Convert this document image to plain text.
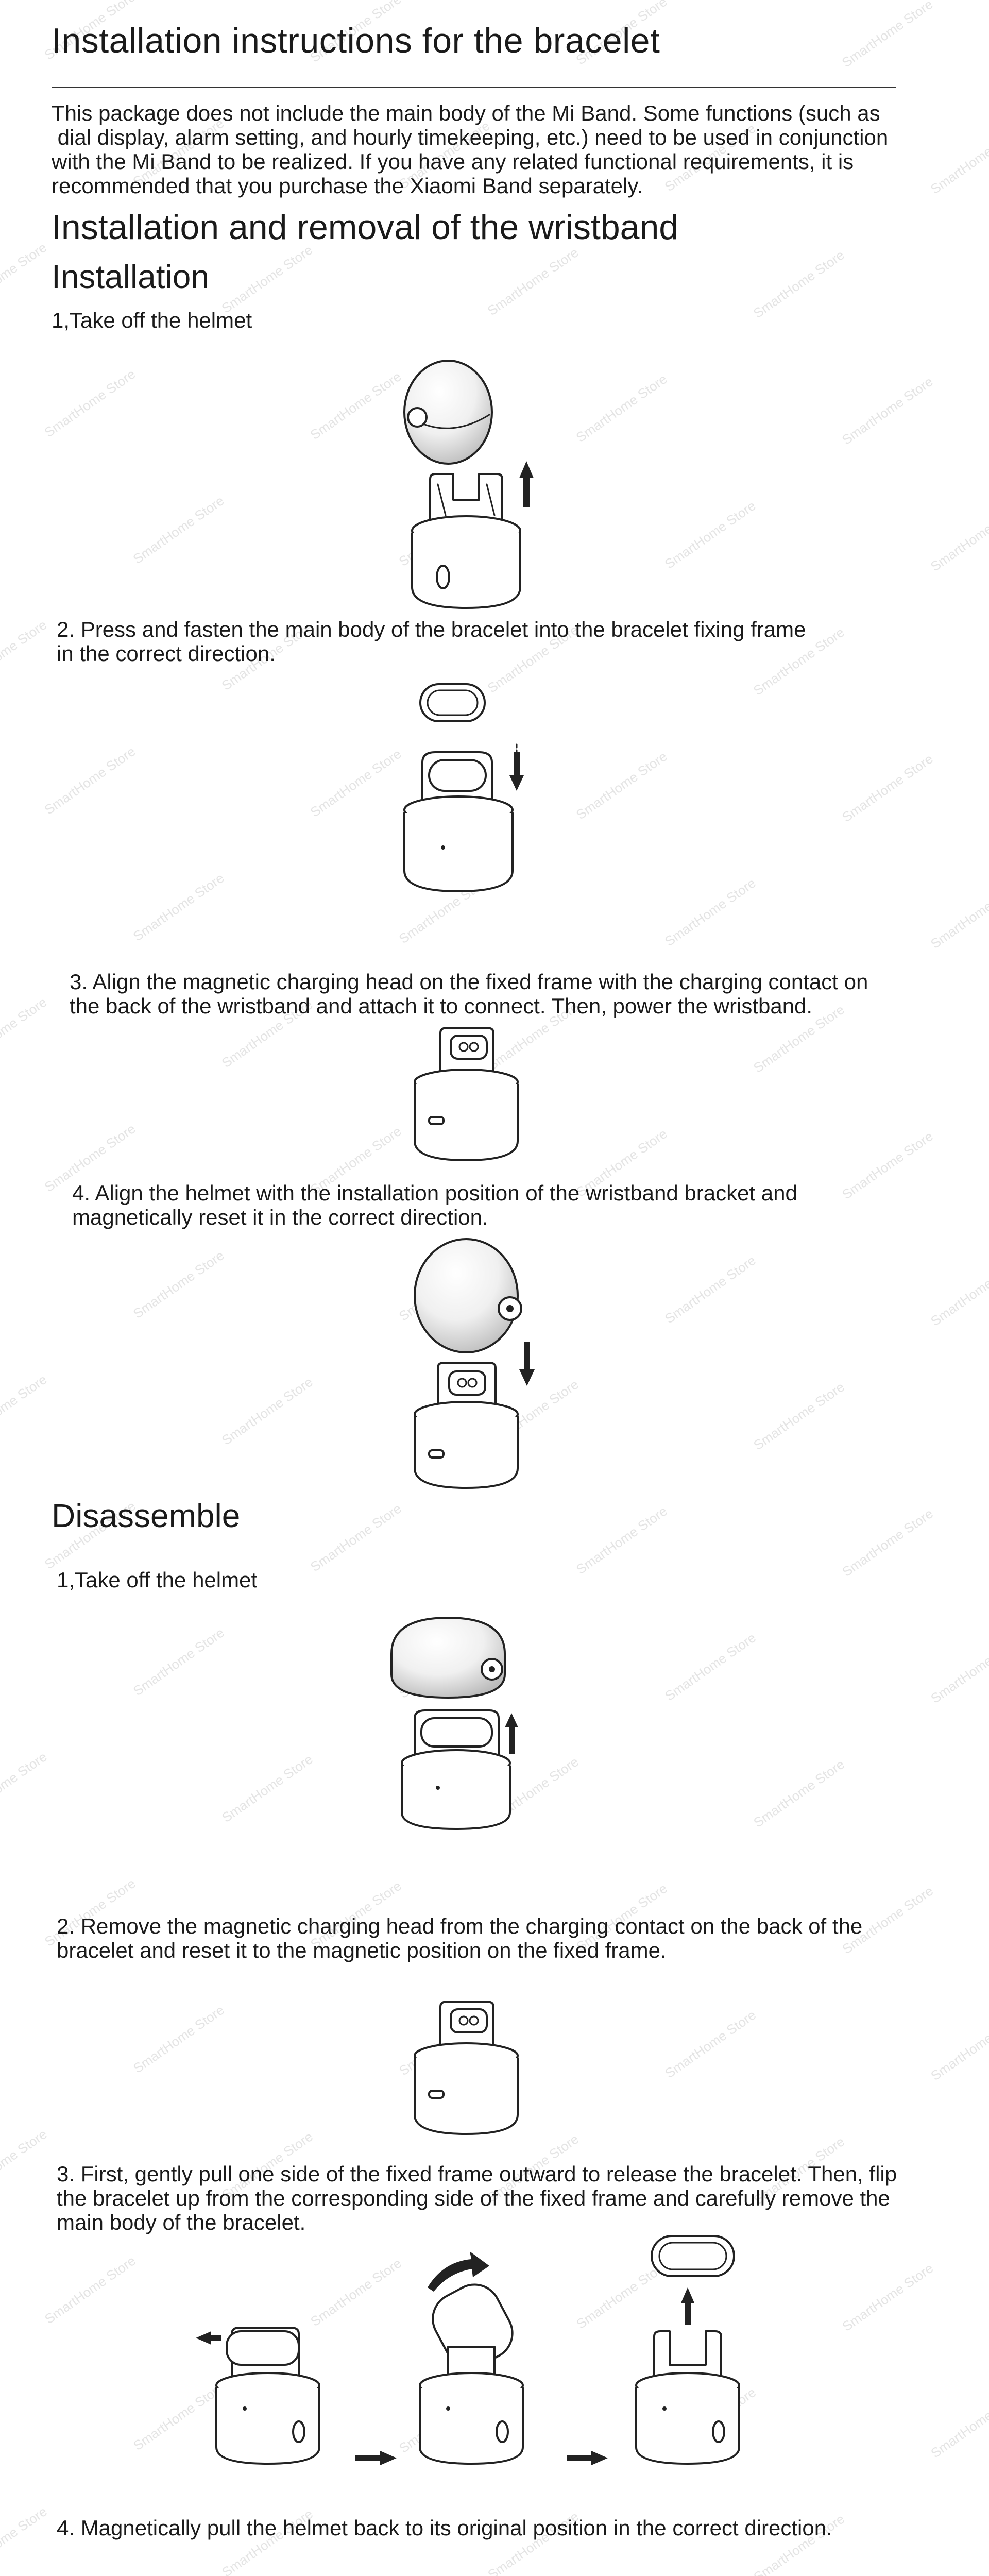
Installation instructions for the bracelet
This package does not include the main body of the Mi Band. Some functions (such as
dial display, alarm setting, and hourly timekeeping, etc.) need to be used in conjunction
with the Mi Band to be realized. If you have any related functional requirements, it is
recommended that you purchase the Xiaomi Band separately.
Installation and removal of the wristband
Installation
1,Take off the helmet
2. Press and fasten the main body of the bracelet into the bracelet fixing frame
in the correct direction.
3. Align the magnetic charging head on the fixed frame with the charging contact on
the back of the wristband and attach it to connect. Then, power the wristband.
4. Align the helmet with the installation position of the wristband bracket and
magnetically reset it in the correct direction.
Disassemble
1,Take off the helmet
2. Remove the magnetic charging head from the charging contact on the back of the
bracelet and reset it to the magnetic position on the fixed frame.
3. First, gently pull one side of the fixed frame outward to release the bracelet. Then, flip
the bracelet up from the corresponding side of the fixed frame and carefully remove the
main body of the bracelet.
4. Magnetically pull the helmet back to its original position in the correct direction.
